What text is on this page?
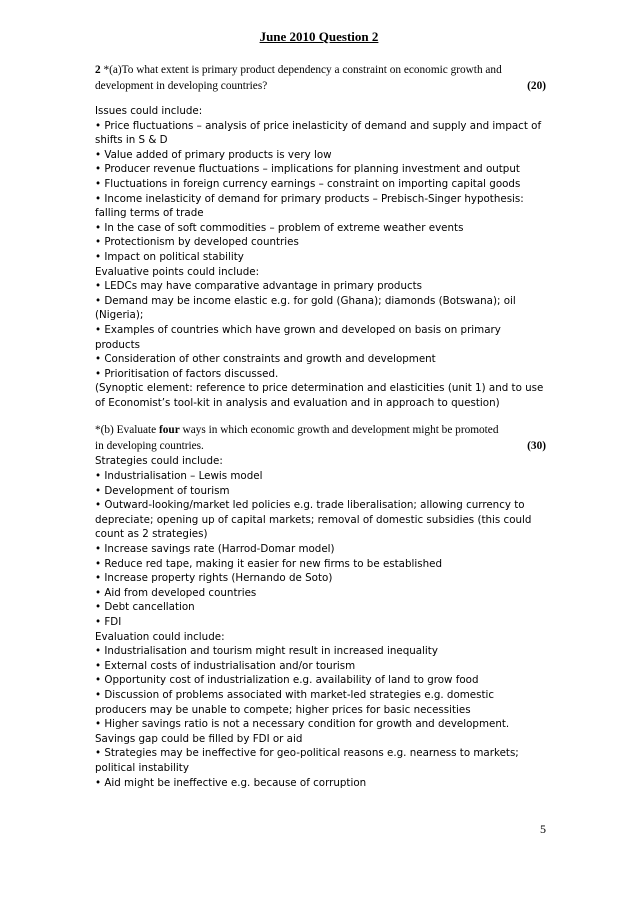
June 2010 Question 2

2 *(a)To what extent is primary product dependency a constraint on economic growth and
development in developing countries?	(20)

Issues could include:
• Price fluctuations – analysis of price inelasticity of demand and supply and impact of shifts in S & D
• Value added of primary products is very low
• Producer revenue fluctuations – implications for planning investment and output
• Fluctuations in foreign currency earnings – constraint on importing capital goods
• Income inelasticity of demand for primary products – Prebisch-Singer hypothesis: falling terms of trade
• In the case of soft commodities – problem of extreme weather events
• Protectionism by developed countries
• Impact on political stability
Evaluative points could include:
• LEDCs may have comparative advantage in primary products
• Demand may be income elastic e.g. for gold (Ghana); diamonds (Botswana); oil (Nigeria);
• Examples of countries which have grown and developed on basis on primary products
• Consideration of other constraints and growth and development
• Prioritisation of factors discussed.
(Synoptic element: reference to price determination and elasticities (unit 1) and to use of Economist’s tool-kit in analysis and evaluation and in approach to question)

*(b) Evaluate four ways in which economic growth and development might be promoted
in developing countries.	(30)

Strategies could include:
• Industrialisation – Lewis model
• Development of tourism
• Outward-looking/market led policies e.g. trade liberalisation; allowing currency to depreciate; opening up of capital markets; removal of domestic subsidies (this could count as 2 strategies)
• Increase savings rate (Harrod-Domar model)
• Reduce red tape, making it easier for new firms to be established
• Increase property rights (Hernando de Soto)
• Aid from developed countries
• Debt cancellation
• FDI
Evaluation could include:
• Industrialisation and tourism might result in increased inequality
• External costs of industrialisation and/or tourism
• Opportunity cost of industrialization e.g. availability of land to grow food
• Discussion of problems associated with market-led strategies e.g. domestic producers may be unable to compete; higher prices for basic necessities
• Higher savings ratio is not a necessary condition for growth and development. Savings gap could be filled by FDI or aid
• Strategies may be ineffective for geo-political reasons e.g. nearness to markets; political instability
• Aid might be ineffective e.g. because of corruption
5
